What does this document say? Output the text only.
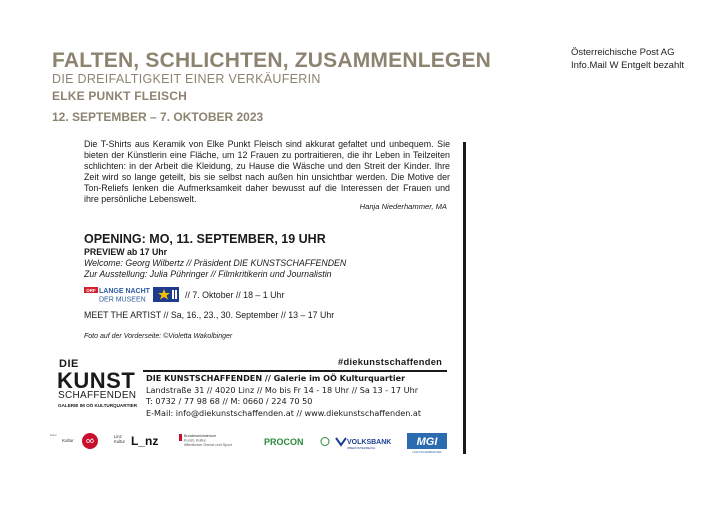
FALTEN, SCHLICHTEN, ZUSAMMENLEGEN
DIE DREIFALTIGKEIT EINER VERKÄUFERIN
ELKE PUNKT FLEISCH
12. SEPTEMBER – 7. OKTOBER 2023
Österreichische Post AG
Info.Mail W Entgelt bezahlt
Die T-Shirts aus Keramik von Elke Punkt Fleisch sind akkurat gefaltet und unbequem. Sie bieten der Künstlerin eine Fläche, um 12 Frauen zu portraitieren, die ihr Leben in Teilzeiten schlichten: in der Arbeit die Kleidung, zu Hause die Wäsche und den Streit der Kinder. Ihre Zeit wird so lange geteilt, bis sie selbst nach außen hin unsichtbar werden. Die Motive der Ton-Reliefs lenken die Aufmerksamkeit daher bewusst auf die Interessen der Frauen und ihre persönliche Lebenswelt.
Hanja Niederhammer, MA
OPENING: MO, 11. SEPTEMBER, 19 UHR
PREVIEW ab 17 Uhr
Welcome: Georg Wilbertz // Präsident DIE KUNSTSCHAFFENDEN
Zur Ausstellung: Julia Pühringer // Filmkritikerin und Journalistin
ORF LANGE NACHT
DER MUSEEN	// 7. Oktober // 18 – 1 Uhr
MEET THE ARTIST // Sa, 16., 23., 30. September // 13 – 17 Uhr
Foto auf der Vorderseite: ©Violetta Wakolbinger
DIE
KUNST
SCHAFFENDEN
GALERIE IM OÖ KULTURQUARTIER
#diekunstschaffenden
DIE KUNSTSCHAFFENDEN // Galerie im OÖ Kulturquartier
Landstraße 31 // 4020 Linz // Mo bis Fr 14 - 18 Uhr // Sa 13 - 17 Uhr
T: 0732 / 77 98 68 // M: 0660 / 224 70 50
E-Mail: info@diekunstschaffenden.at // www.diekunstschaffenden.at
Kultur
Kultur OÖ
Linz
Kultur L_nz	Bundesministerium
Kunst, Kultur,
öffentlicher Dienst und Sport	PROCON	VOLKSBANK
OBERÖSTERREICH	MGI
LINZ-STEUERBERATER
